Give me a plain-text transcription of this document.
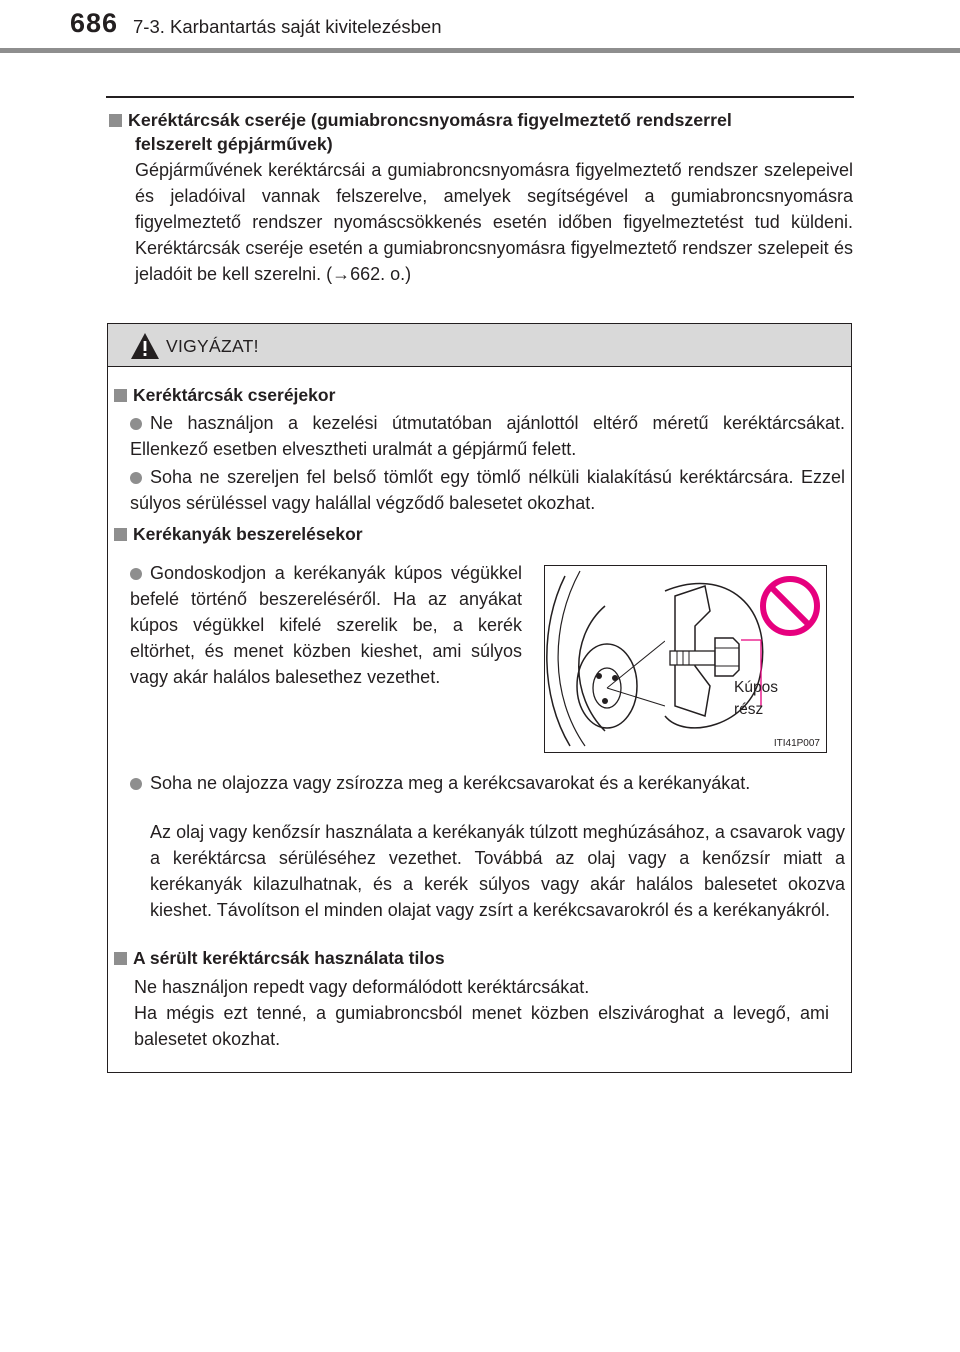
686 7-3. Karbantartás saját kivitelezésben
Keréktárcsák cseréje (gumiabroncsnyomásra figyelmeztető rendszerrel
felszerelt gépjárművek)
Gépjárművének keréktárcsái a gumiabroncsnyomásra figyelmeztető rendszer szelepeivel és jeladóival vannak felszerelve, amelyek segítségével a gumiabroncsnyomásra figyelmeztető rendszer nyomáscsökkenés esetén időben figyelmeztetést tud küldeni. Keréktárcsák cseréje esetén a gumiabroncsnyomásra figyelmeztető rendszer szelepeit és jeladóit be kell szerelni. (→662. o.)
VIGYÁZAT!
Keréktárcsák cseréjekor
Ne használjon a kezelési útmutatóban ajánlottól eltérő méretű keréktárcsákat. Ellenkező esetben elvesztheti uralmát a gépjármű felett.
Soha ne szereljen fel belső tömlőt egy tömlő nélküli kialakítású keréktárcsára. Ezzel súlyos sérüléssel vagy halállal végződő balesetet okozhat.
Kerékanyák beszerelésekor
Gondoskodjon a kerékanyák kúpos végükkel befelé történő beszereléséről. Ha az anyákat kúpos végükkel kifelé szerelik be, a kerék eltörhet, és menet közben kieshet, ami súlyos vagy akár halálos balesethez vezethet.
Kúpos
rész
ITI41P007
Soha ne olajozza vagy zsírozza meg a kerékcsavarokat és a kerékanyákat.
Az olaj vagy kenőzsír használata a kerékanyák túlzott meghúzásához, a csavarok vagy a keréktárcsa sérüléséhez vezethet. Továbbá az olaj vagy a kenőzsír miatt a kerékanyák kilazulhatnak, és a kerék súlyos vagy akár halálos balesetet okozva kieshet. Távolítson el minden olajat vagy zsírt a kerékcsavarokról és a kerékanyákról.
A sérült keréktárcsák használata tilos
Ne használjon repedt vagy deformálódott keréktárcsákat.
Ha mégis ezt tenné, a gumiabroncsból menet közben elszivároghat a levegő, ami balesetet okozhat.
